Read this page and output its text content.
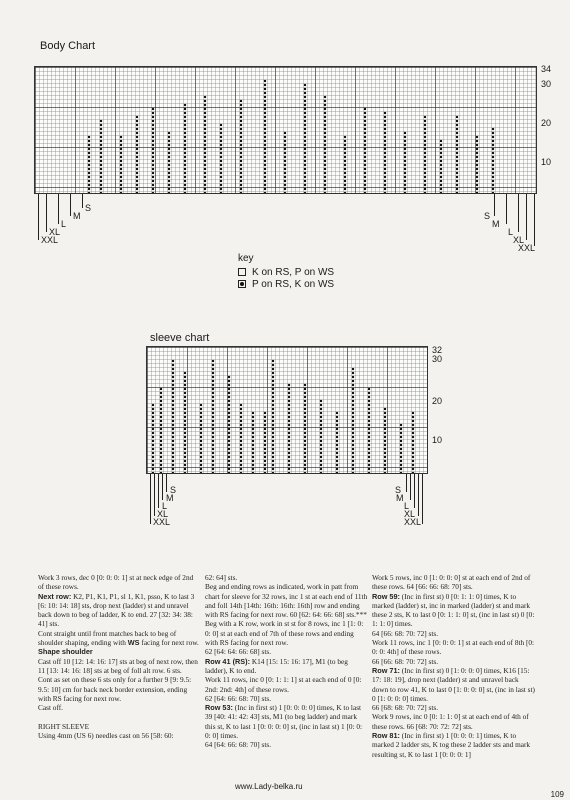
Body Chart
34
30
20
10
S
M
L
XL
XXL
S
M
L
XL
XXL
key
K on RS, P on WS
P on RS, K on WS
sleeve chart
32
30
20
10
S
M
L
XL
XXL
S
M
L
XL
XXL

Work 3 rows, dec 0 [0: 0: 0: 1] st at neck edge of 2nd of these rows.

Next row: K2, P1, K1, P1, sl 1, K1, psso, K to last 3 [6: 10: 14: 18] sts, drop next (ladder) st and unravel back down to beg of ladder, K to end. 27 [32: 34: 38: 41] sts.

Cont straight until front matches back to beg of shoulder shaping, ending with WS facing for next row.

Shape shoulder

Cast off 10 [12: 14: 16: 17] sts at beg of next row, then 11 [13: 14: 16: 18] sts at beg of foll alt row. 6 sts.

Cont as set on these 6 sts only for a further 9 [9: 9.5: 9.5: 10] cm for back neck border extension, ending with RS facing for next row.

Cast off.

RIGHT SLEEVE

Using 4mm (US 6) needles cast on 56 [58: 60:

62: 64] sts.

Beg and ending rows as indicated, work in patt from chart for sleeve for 32 rows, inc 1 st at each end of 11th and foll 14th [14th: 16th: 16th: 16th] row and ending with RS facing for next row. 60 [62: 64: 66: 68] sts.***

Beg with a K row, work in st st for 8 rows, inc 1 [1: 0: 0: 0] st at each end of 7th of these rows and ending with RS facing for next row.

62 [64: 64: 66: 68] sts.

Row 41 (RS): K14 [15: 15: 16: 17], M1 (to beg ladder), K to end.

Work 11 rows, inc 0 [0: 1: 1: 1] st at each end of 0 [0: 2nd: 2nd: 4th] of these rows.

62 [64: 66: 68: 70] sts.

Row 53: (Inc in first st) 1 [0: 0: 0: 0] times, K to last 39 [40: 41: 42: 43] sts, M1 (to beg ladder) and mark this st, K to last 1 [0: 0: 0: 0] st, (inc in last st) 1 [0: 0: 0: 0] times.

64 [64: 66: 68: 70] sts.

Work 5 rows, inc 0 [1: 0: 0: 0] st at each end of 2nd of these rows. 64 [66: 66: 68: 70] sts.

Row 59: (Inc in first st) 0 [0: 1: 1: 0] times, K to marked (ladder) st, inc in marked (ladder) st and mark these 2 sts, K to last 0 [0: 1: 1: 0] st, (inc in last st) 0 [0: 1: 1: 0] times.

64 [66: 68: 70: 72] sts.

Work 11 rows, inc 1 [0: 0: 0: 1] st at each end of 8th [0: 0: 0: 4th] of these rows.

66 [66: 68: 70: 72] sts.

Row 71: (Inc in first st) 0 [1: 0: 0: 0] times, K16 [15: 17: 18: 19], drop next (ladder) st and unravel back down to row 41, K to last 0 [1: 0: 0: 0] st, (inc in last st) 0 [1: 0: 0: 0] times.

66 [68: 68: 70: 72] sts.

Work 9 rows, inc 0 [0: 1: 1: 0] st at each end of 4th of these rows. 66 [68: 70: 72: 72] sts.

Row 81: (Inc in first st) 1 [0: 0: 0: 1] times, K to marked 2 ladder sts, K tog these 2 ladder sts and mark resulting st, K to last 1 [0: 0: 0: 1]

www.Lady-belka.ru
109
